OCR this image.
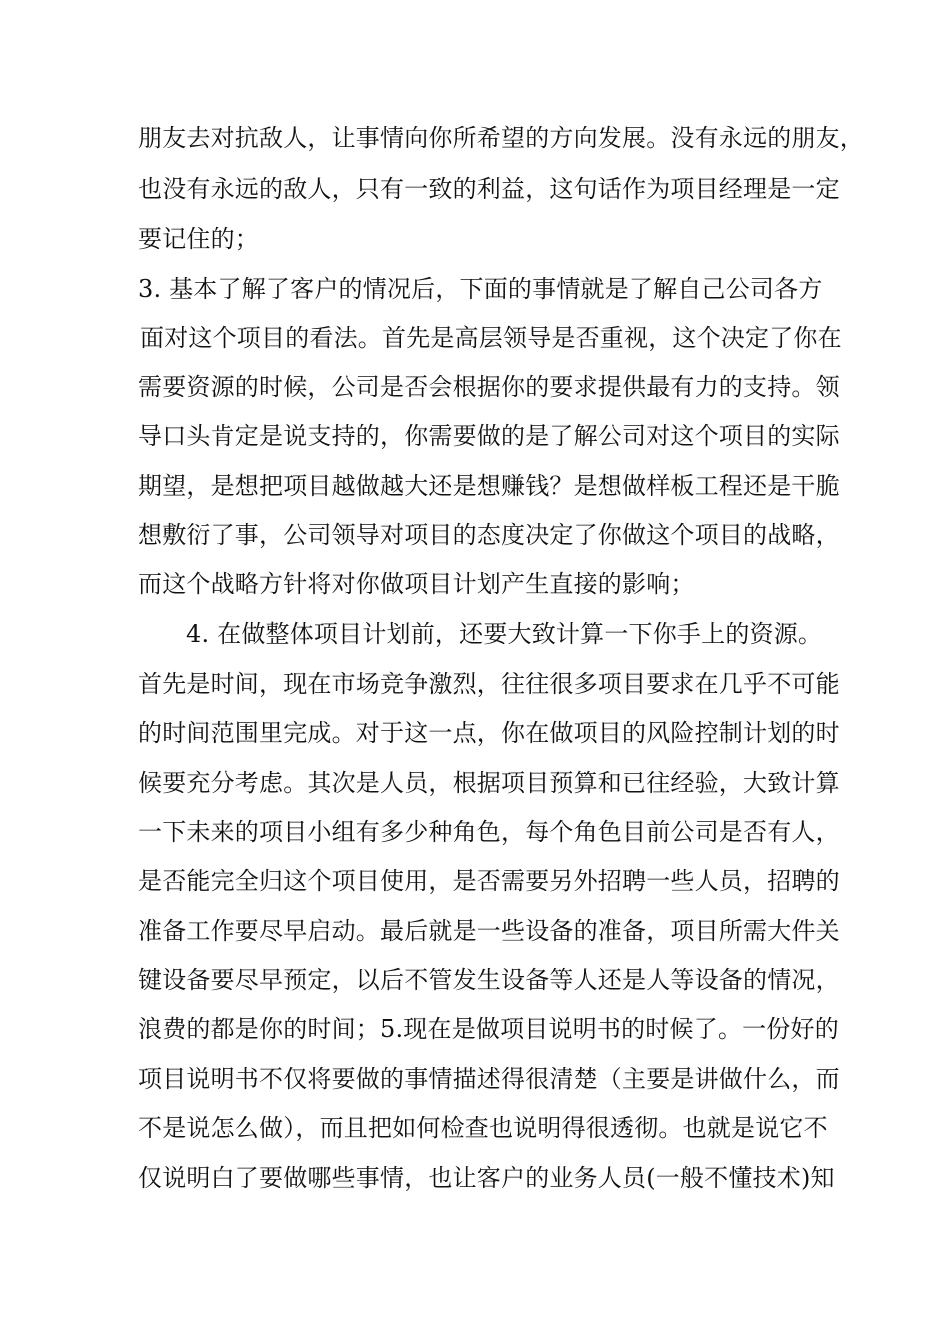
朋友去对抗敌人，让事情向你所希望的方向发展。没有永远的朋友，
也没有永远的敌人，只有一致的利益，这句话作为项目经理是一定
要记住的；
3. 基本了解了客户的情况后，下面的事情就是了解自己公司各方
面对这个项目的看法。首先是高层领导是否重视，这个决定了你在
需要资源的时候，公司是否会根据你的要求提供最有力的支持。领
导口头肯定是说支持的，你需要做的是了解公司对这个项目的实际
期望，是想把项目越做越大还是想赚钱？是想做样板工程还是干脆
想敷衍了事，公司领导对项目的态度决定了你做这个项目的战略，
而这个战略方针将对你做项目计划产生直接的影响；
4. 在做整体项目计划前，还要大致计算一下你手上的资源。
首先是时间，现在市场竞争激烈，往往很多项目要求在几乎不可能
的时间范围里完成。对于这一点，你在做项目的风险控制计划的时
候要充分考虑。其次是人员，根据项目预算和已往经验，大致计算
一下未来的项目小组有多少种角色，每个角色目前公司是否有人，
是否能完全归这个项目使用，是否需要另外招聘一些人员，招聘的
准备工作要尽早启动。最后就是一些设备的准备，项目所需大件关
键设备要尽早预定，以后不管发生设备等人还是人等设备的情况，
浪费的都是你的时间；5.现在是做项目说明书的时候了。一份好的
项目说明书不仅将要做的事情描述得很清楚（主要是讲做什么，而
不是说怎么做），而且把如何检查也说明得很透彻。也就是说它不
仅说明白了要做哪些事情，也让客户的业务人员(一般不懂技术)知
